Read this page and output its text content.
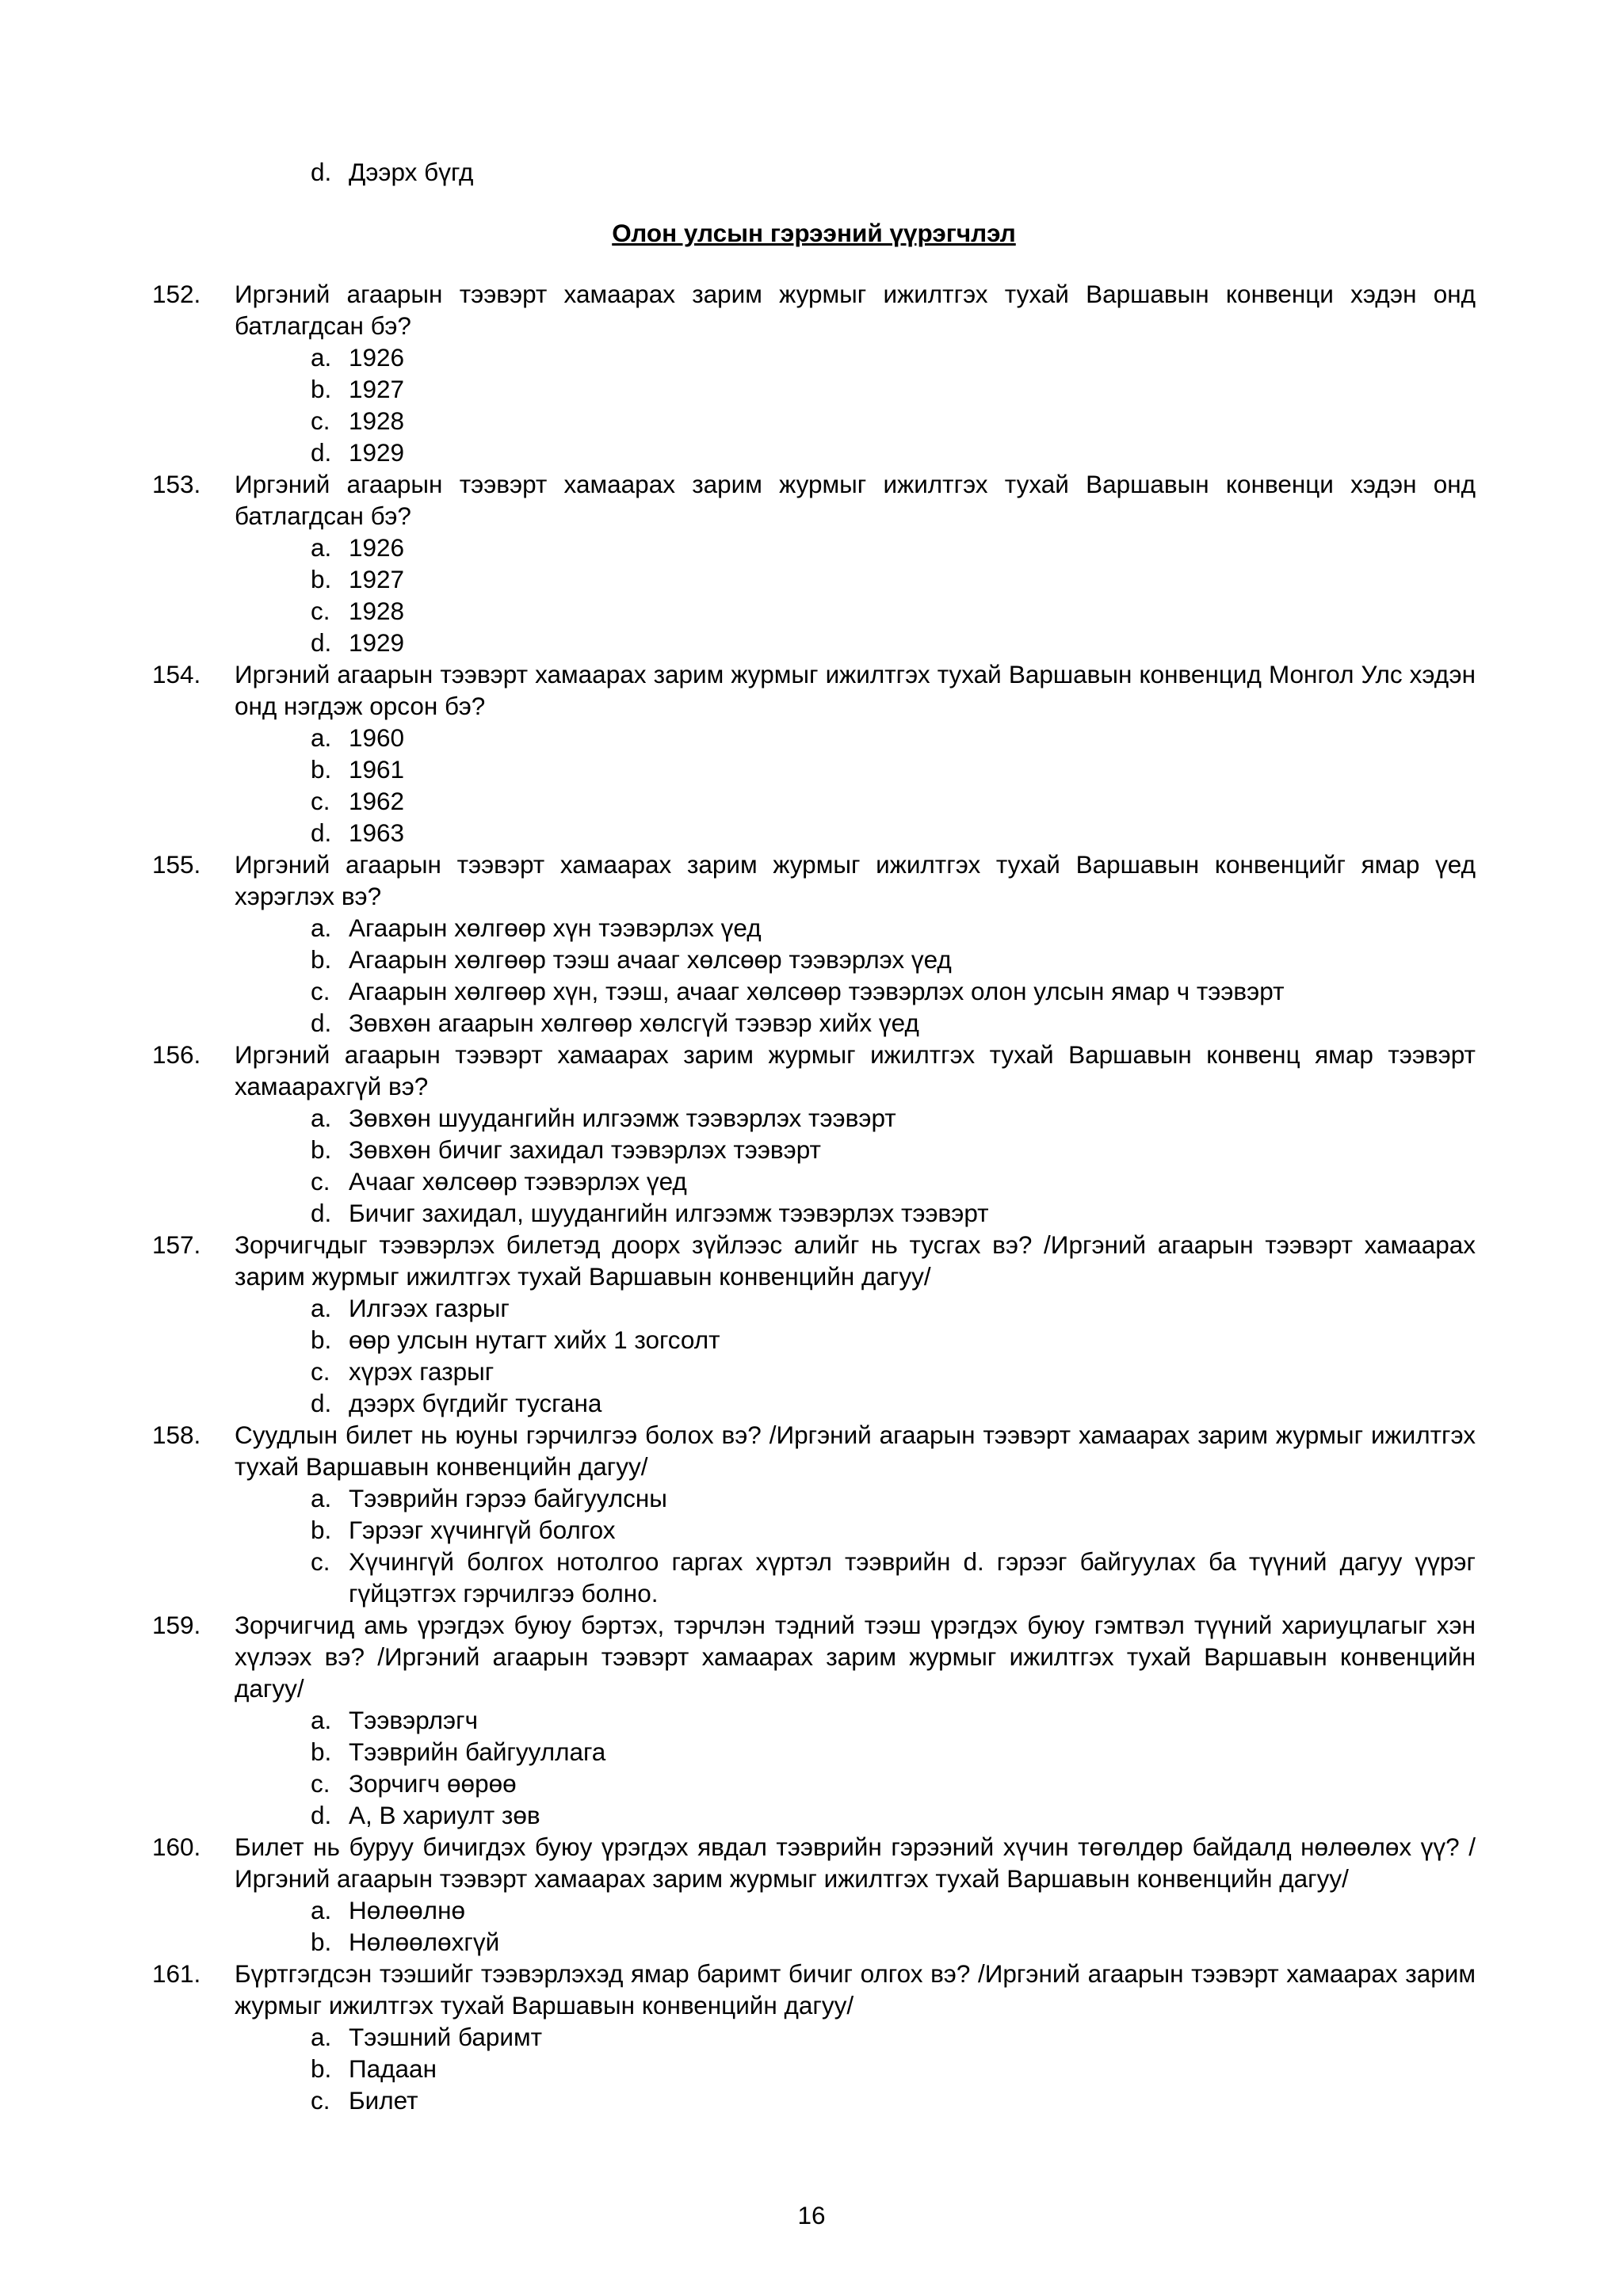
d. Дээрх бүгд
Олон улсын гэрээний үүрэгчлэл
152.	Иргэний агаарын тээвэрт хамаарах зарим журмыг ижилтгэх тухай Варшавын конвенци хэдэн онд батлагдсан бэ?
a. 1926
b. 1927
c. 1928
d. 1929
153.	Иргэний агаарын тээвэрт хамаарах зарим журмыг ижилтгэх тухай Варшавын конвенци хэдэн онд батлагдсан бэ?
a. 1926
b. 1927
c. 1928
d. 1929
154.	Иргэний агаарын тээвэрт хамаарах зарим журмыг ижилтгэх тухай Варшавын конвенцид Монгол Улс хэдэн онд нэгдэж орсон бэ?
a. 1960
b. 1961
c. 1962
d. 1963
155.	Иргэний агаарын тээвэрт хамаарах зарим журмыг ижилтгэх тухай Варшавын конвенцийг ямар үед хэрэглэх вэ?
a. Агаарын хөлгөөр хүн тээвэрлэх үед
b. Агаарын хөлгөөр тээш ачааг хөлсөөр тээвэрлэх үед
c. Агаарын хөлгөөр хүн, тээш, ачааг хөлсөөр тээвэрлэх олон улсын ямар ч тээвэрт
d. Зөвхөн агаарын хөлгөөр хөлсгүй тээвэр хийх үед
156.	Иргэний агаарын тээвэрт хамаарах зарим журмыг ижилтгэх тухай Варшавын конвенц ямар тээвэрт хамаарахгүй вэ?
a. Зөвхөн шуудангийн илгээмж тээвэрлэх тээвэрт
b. Зөвхөн бичиг захидал тээвэрлэх тээвэрт
c. Ачааг хөлсөөр тээвэрлэх үед
d. Бичиг захидал, шуудангийн илгээмж тээвэрлэх тээвэрт
157.	Зорчигчдыг тээвэрлэх билетэд доорх зүйлээс алийг нь тусгах вэ? /Иргэний агаарын тээвэрт хамаарах зарим журмыг ижилтгэх тухай Варшавын конвенцийн дагуу/
a. Илгээх газрыг
b. өөр улсын нутагт хийх 1 зогсолт
c. хүрэх газрыг
d. дээрх бүгдийг тусгана
158.	Суудлын билет нь юуны гэрчилгээ болох вэ? /Иргэний агаарын тээвэрт хамаарах зарим журмыг ижилтгэх тухай Варшавын конвенцийн дагуу/
a. Тээврийн гэрээ байгуулсны
b. Гэрээг хүчингүй болгох
c. Хүчингүй болгох нотолгоо гаргах хүртэл тээврийн d. гэрээг байгуулах ба түүний дагуу үүрэг гүйцэтгэх гэрчилгээ болно.
159.	Зорчигчид амь үрэгдэх буюу бэртэх, тэрчлэн тэдний тээш үрэгдэх буюу гэмтвэл түүний хариуцлагыг хэн хүлээх вэ? /Иргэний агаарын тээвэрт хамаарах зарим журмыг ижилтгэх тухай Варшавын конвенцийн дагуу/
a. Тээвэрлэгч
b. Тээврийн байгууллага
c. Зорчигч өөрөө
d. А, В хариулт зөв
160.	Билет нь буруу бичигдэх буюу үрэгдэх явдал тээврийн гэрээний хүчин төгөлдөр байдалд нөлөөлөх үү? /Иргэний агаарын тээвэрт хамаарах зарим журмыг ижилтгэх тухай Варшавын конвенцийн дагуу/
a. Нөлөөлнө
b. Нөлөөлөхгүй
161.	Бүртгэгдсэн тээшийг тээвэрлэхэд ямар баримт бичиг олгох вэ? /Иргэний агаарын тээвэрт хамаарах зарим журмыг ижилтгэх тухай Варшавын конвенцийн дагуу/
a. Тээшний баримт
b. Падаан
c. Билет
16
